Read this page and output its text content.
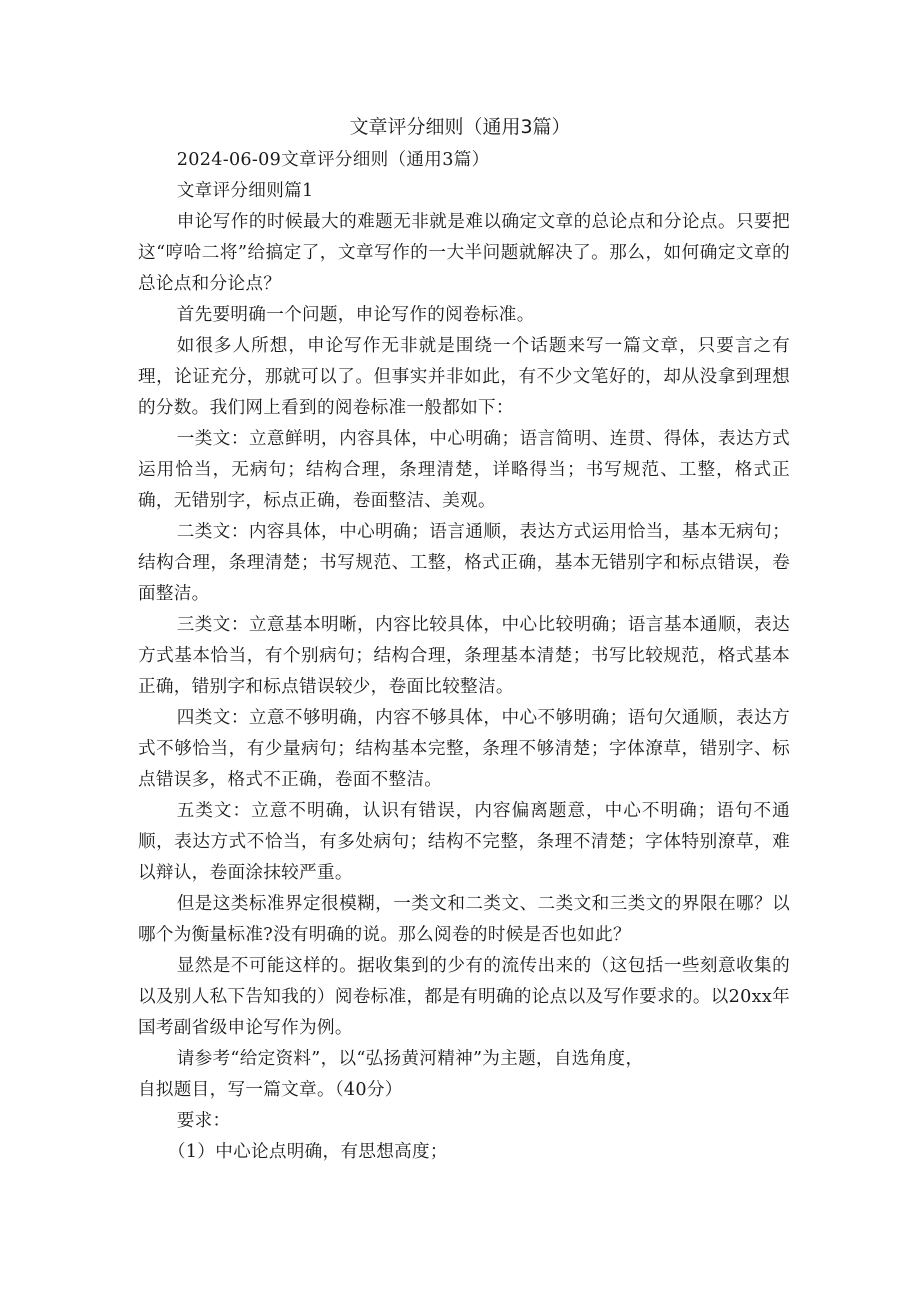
文章评分细则（通用3篇）

2024-06-09文章评分细则（通用3篇）

文章评分细则篇1

申论写作的时候最大的难题无非就是难以确定文章的总论点和分论点。只要把这“哼哈二将”给搞定了，文章写作的一大半问题就解决了。那么，如何确定文章的总论点和分论点？

首先要明确一个问题，申论写作的阅卷标准。

如很多人所想，申论写作无非就是围绕一个话题来写一篇文章，只要言之有理，论证充分，那就可以了。但事实并非如此，有不少文笔好的，却从没拿到理想的分数。我们网上看到的阅卷标准一般都如下：

一类文：立意鲜明，内容具体，中心明确；语言简明、连贯、得体，表达方式运用恰当，无病句；结构合理，条理清楚，详略得当；书写规范、工整，格式正确，无错别字，标点正确，卷面整洁、美观。

二类文：内容具体，中心明确；语言通顺，表达方式运用恰当，基本无病句；结构合理，条理清楚；书写规范、工整，格式正确，基本无错别字和标点错误，卷面整洁。

三类文：立意基本明晰，内容比较具体，中心比较明确；语言基本通顺，表达方式基本恰当，有个别病句；结构合理，条理基本清楚；书写比较规范，格式基本正确，错别字和标点错误较少，卷面比较整洁。

四类文：立意不够明确，内容不够具体，中心不够明确；语句欠通顺，表达方式不够恰当，有少量病句；结构基本完整，条理不够清楚；字体潦草，错别字、标点错误多，格式不正确，卷面不整洁。

五类文：立意不明确，认识有错误，内容偏离题意，中心不明确；语句不通顺，表达方式不恰当，有多处病句；结构不完整，条理不清楚；字体特别潦草，难以辩认，卷面涂抹较严重。

但是这类标准界定很模糊，一类文和二类文、二类文和三类文的界限在哪？以哪个为衡量标准?没有明确的说。那么阅卷的时候是否也如此？

显然是不可能这样的。据收集到的少有的流传出来的（这包括一些刻意收集的以及别人私下告知我的）阅卷标准，都是有明确的论点以及写作要求的。以20xx年国考副省级申论写作为例。

请参考“给定资料”，以“弘扬黄河精神”为主题，自选角度，

自拟题目，写一篇文章。（40分）

要求：

（1）中心论点明确，有思想高度；
